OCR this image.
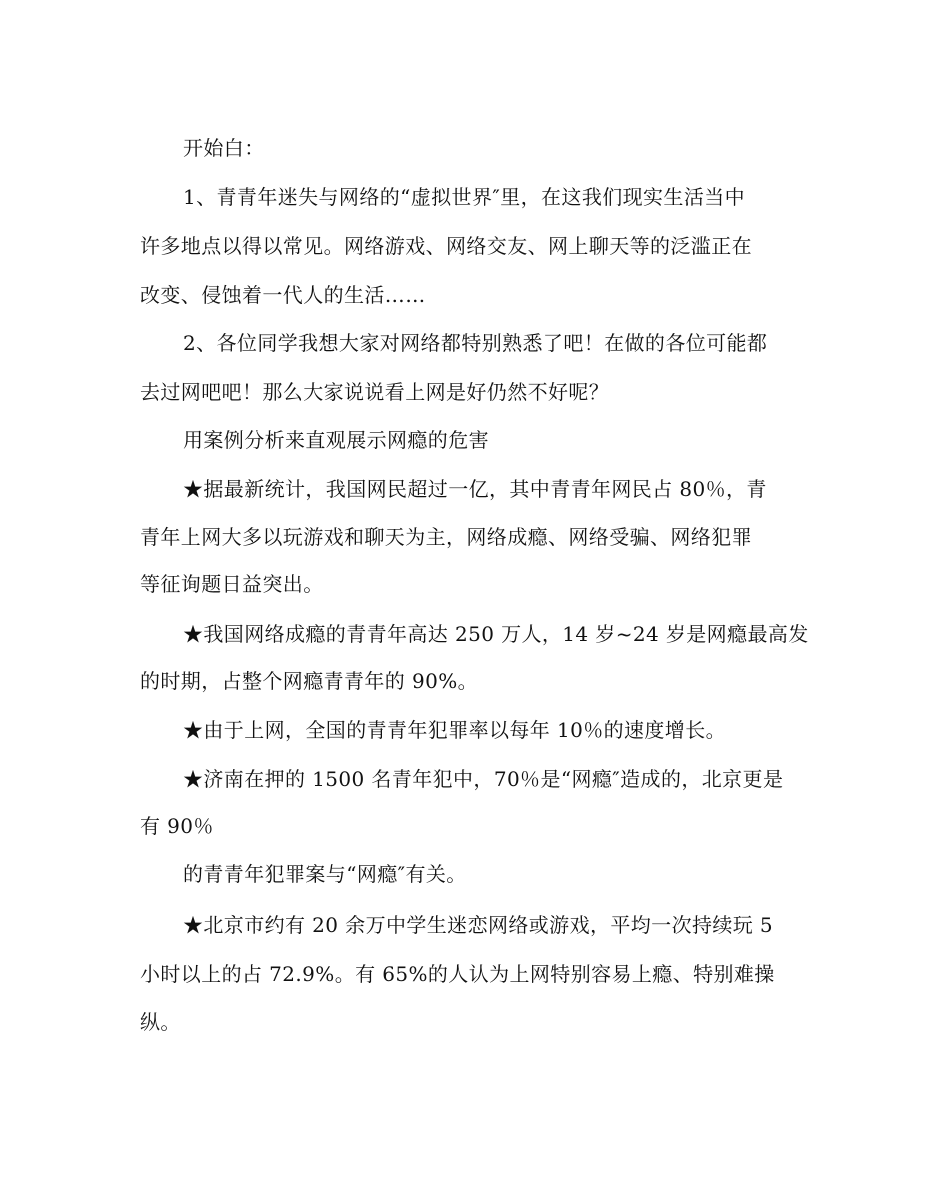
开始白：
1、青青年迷失与网络的“虚拟世界″里，在这我们现实生活当中
许多地点以得以常见。网络游戏、网络交友、网上聊天等的泛滥正在
改变、侵蚀着一代人的生活……
2、各位同学我想大家对网络都特别熟悉了吧！在做的各位可能都
去过网吧吧！那么大家说说看上网是好仍然不好呢？
用案例分析来直观展示网瘾的危害
★据最新统计，我国网民超过一亿，其中青青年网民占 80％，青
青年上网大多以玩游戏和聊天为主，网络成瘾、网络受骗、网络犯罪
等征询题日益突出。
★我国网络成瘾的青青年高达 250 万人，14 岁~24 岁是网瘾最高发
的时期，占整个网瘾青青年的 90%。
★由于上网，全国的青青年犯罪率以每年 10％的速度增长。
★济南在押的 1500 名青年犯中，70％是“网瘾″造成的，北京更是
有 90％
的青青年犯罪案与“网瘾″有关。
★北京市约有 20 余万中学生迷恋网络或游戏，平均一次持续玩 5
小时以上的占 72.9%。有 65%的人认为上网特别容易上瘾、特别难操
纵。
